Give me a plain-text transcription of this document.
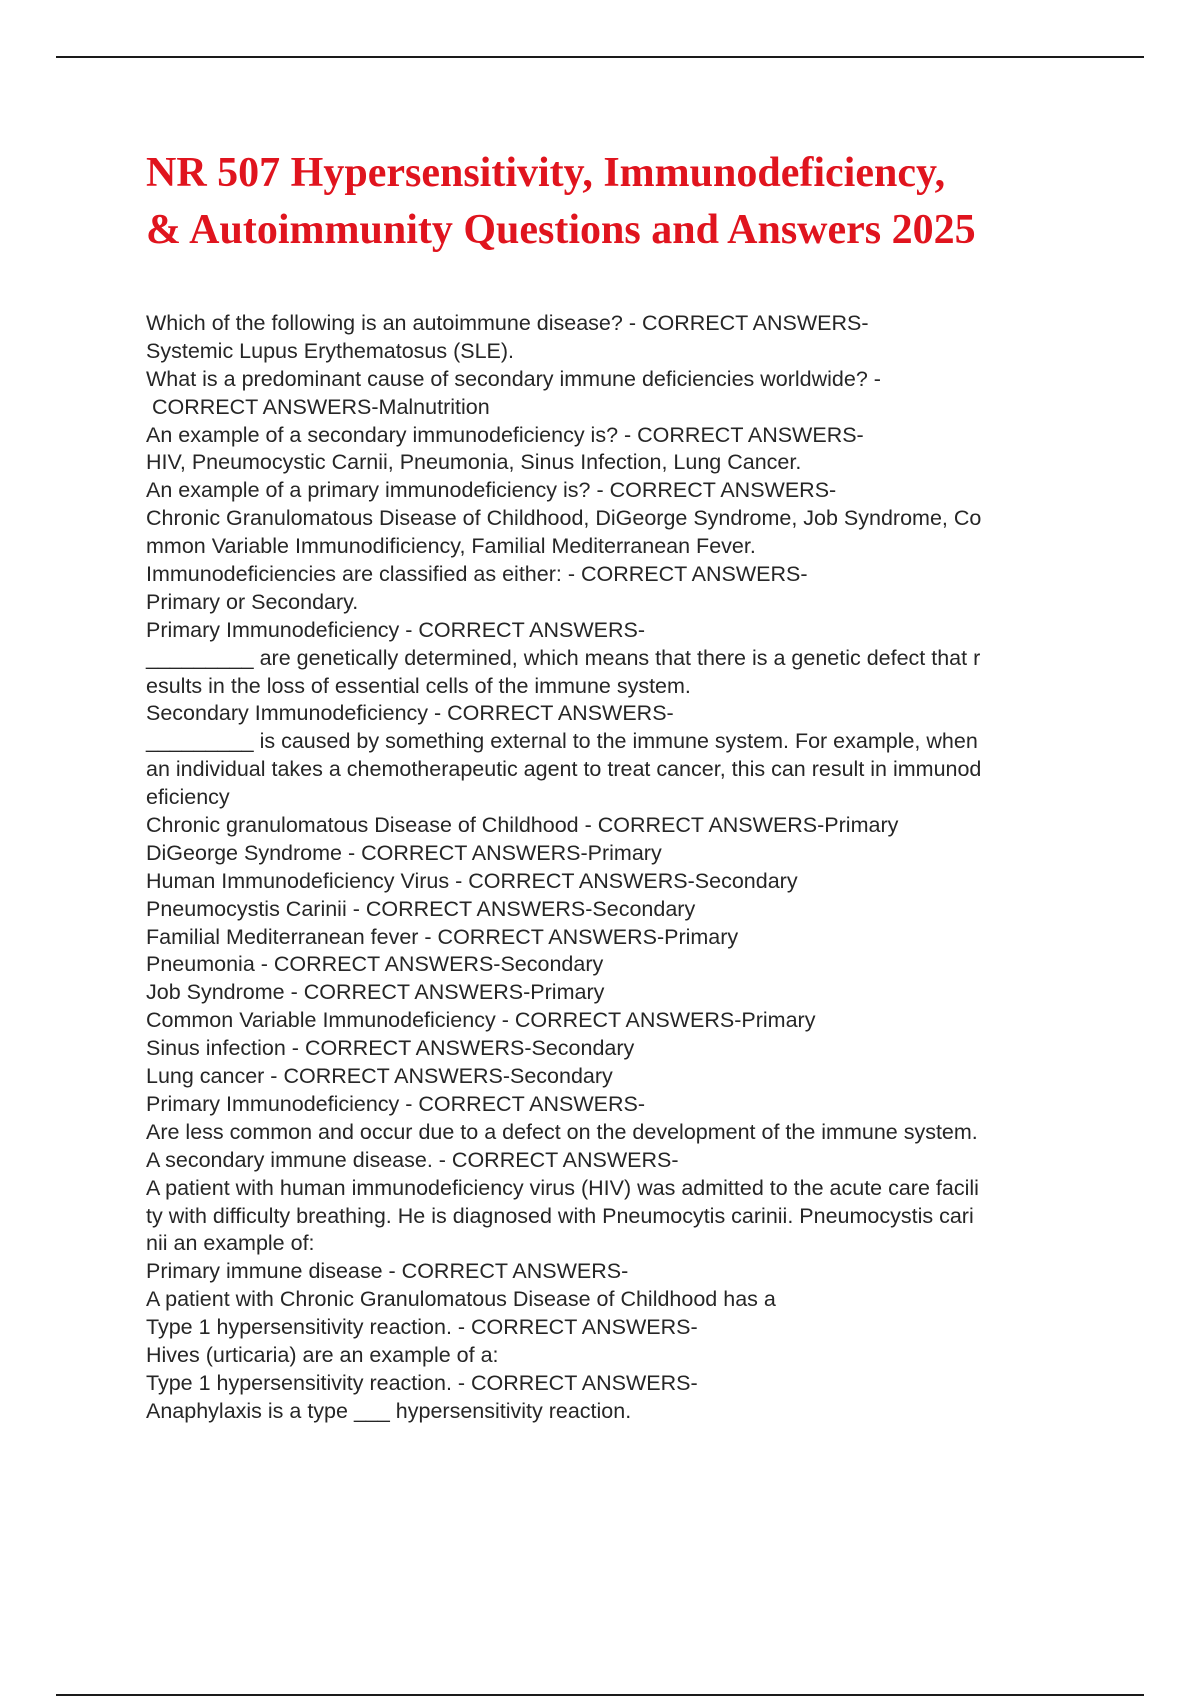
NR 507 Hypersensitivity, Immunodeficiency,
& Autoimmunity Questions and Answers 2025
Which of the following is an autoimmune disease? - CORRECT ANSWERS-
Systemic Lupus Erythematosus (SLE).
What is a predominant cause of secondary immune deficiencies worldwide? -
CORRECT ANSWERS-Malnutrition
An example of a secondary immunodeficiency is? - CORRECT ANSWERS-
HIV, Pneumocystic Carnii, Pneumonia, Sinus Infection, Lung Cancer.
An example of a primary immunodeficiency is? - CORRECT ANSWERS-
Chronic Granulomatous Disease of Childhood, DiGeorge Syndrome, Job Syndrome, Co
mmon Variable Immunodificiency, Familial Mediterranean Fever.
Immunodeficiencies are classified as either: - CORRECT ANSWERS-
Primary or Secondary.
Primary Immunodeficiency - CORRECT ANSWERS-
_________ are genetically determined, which means that there is a genetic defect that r
esults in the loss of essential cells of the immune system.
Secondary Immunodeficiency - CORRECT ANSWERS-
_________ is caused by something external to the immune system. For example, when
an individual takes a chemotherapeutic agent to treat cancer, this can result in immunod
eficiency
Chronic granulomatous Disease of Childhood - CORRECT ANSWERS-Primary
DiGeorge Syndrome - CORRECT ANSWERS-Primary
Human Immunodeficiency Virus - CORRECT ANSWERS-Secondary
Pneumocystis Carinii - CORRECT ANSWERS-Secondary
Familial Mediterranean fever - CORRECT ANSWERS-Primary
Pneumonia - CORRECT ANSWERS-Secondary
Job Syndrome - CORRECT ANSWERS-Primary
Common Variable Immunodeficiency - CORRECT ANSWERS-Primary
Sinus infection - CORRECT ANSWERS-Secondary
Lung cancer - CORRECT ANSWERS-Secondary
Primary Immunodeficiency - CORRECT ANSWERS-
Are less common and occur due to a defect on the development of the immune system.
A secondary immune disease. - CORRECT ANSWERS-
A patient with human immunodeficiency virus (HIV) was admitted to the acute care facili
ty with difficulty breathing. He is diagnosed with Pneumocytis carinii. Pneumocystis cari
nii an example of:
Primary immune disease - CORRECT ANSWERS-
A patient with Chronic Granulomatous Disease of Childhood has a
Type 1 hypersensitivity reaction. - CORRECT ANSWERS-
Hives (urticaria) are an example of a:
Type 1 hypersensitivity reaction. - CORRECT ANSWERS-
Anaphylaxis is a type ___ hypersensitivity reaction.
